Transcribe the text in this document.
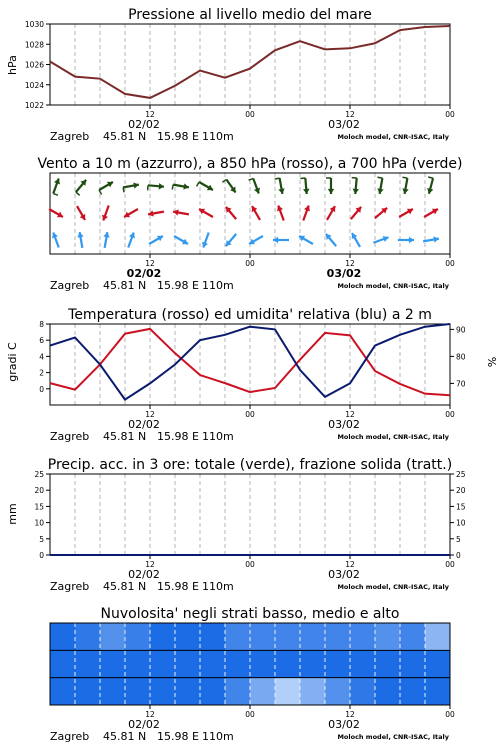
Pressione al livello medio del mare
Vento a 10 m (azzurro), a 850 hPa (rosso), a 700 hPa (verde)
Temperatura (rosso) ed umidita' relativa (blu) a 2 m
Precip. acc. in 3 ore: totale (verde), frazione solida (tratt.)
Nuvolosita' negli strati basso, medio e alto
hPa
gradi C	%
mm
12	00	12	00
02/02	03/02
Zagreb 45.81 N 15.98 E 110m	Moloch model, CNR-ISAC, Italy
12	00	12	00
02/02	03/02
Zagreb 45.81 N 15.98 E 110m	Moloch model, CNR-ISAC, Italy
12	00	12	00
02/02	03/02
Zagreb 45.81 N 15.98 E 110m	Moloch model, CNR-ISAC, Italy
12	00	12	00
02/02	03/02
Zagreb 45.81 N 15.98 E 110m	Moloch model, CNR-ISAC, Italy
12	00	12	00
02/02	03/02
Zagreb 45.81 N 15.98 E 110m	Moloch model, CNR-ISAC, Italy
1022
1024
1026
1028
1030
0
2
4
6
8
70
80
90
0	0
5	5
10	10
15	15
20	20
25	25
